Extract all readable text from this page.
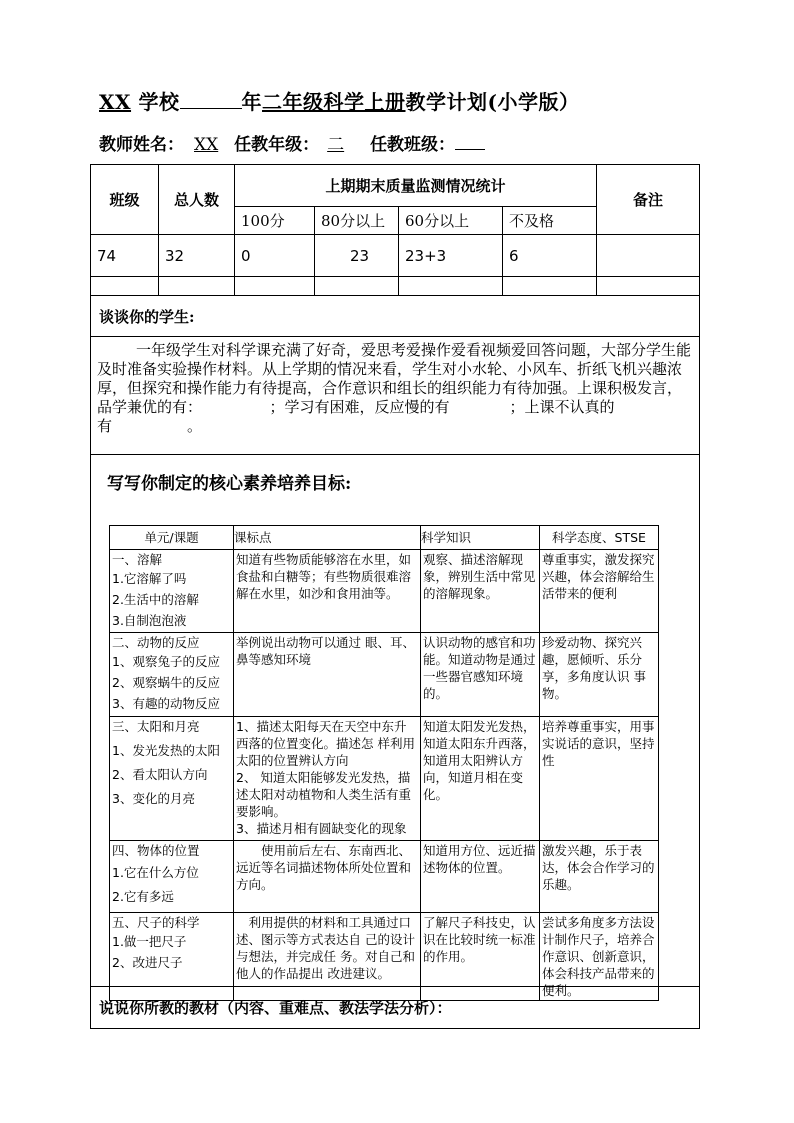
XX 学校	年二年级科学上册教学计划(小学版）
教师姓名： XX 任教年级： 二 任教班级：
班级	总人数	上期期末质量监测情况统计				备注
		100分	80分以上	60分以上	不及格	
74	32	0	23	23+3	6	

谈谈你的学生:						
一年级学生对科学课充满了好奇，爱思考爱操作爱看视频爱回答问题，大部分学生能及时准备实验操作材料。从上学期的情况来看，学生对小水轮、小风车、折纸飞机兴趣浓厚，但探究和操作能力有待提高，合作意识和组长的组织能力有待加强。上课积极发言，品学兼优的有：　　　　　；学习有困难，反应慢的有　　　　；上课不认真的有　　　　　。						

写写你制定的核心素养培养目标:						

说说你所教的教材（内容、重难点、教法学法分析）：						
单元/课题	课标点	科学知识	科学态度、STSE

一、溶解
1.它溶解了吗
2.生活中的溶解
3.自制泡泡液	知道有些物质能够溶在水里，如食盐和白糖等；有些物质很难溶解在水里，如沙和食用油等。	观察、描述溶解现象，辨别生活中常见的溶解现象。	尊重事实，激发探究兴趣，体会溶解给生活带来的便利

二、动物的反应
1、观察兔子的反应
2、观察蜗牛的反应
3、有趣的动物反应	举例说出动物可以通过 眼、耳、鼻等感知环境	认识动物的感官和功能。知道动物是通过一些器官感知环境的。	珍爱动物、探究兴趣，愿倾听、乐分享，多角度认识 事物。

三、太阳和月亮
1、发光发热的太阳
2、看太阳认方向
3、变化的月亮	1、描述太阳每天在天空中东升西落的位置变化。描述怎 样利用太阳的位置辨认方向
2、 知道太阳能够发光发热，描述太阳对动植物和人类生活有重要影响。
3、描述月相有圆缺变化的现象	知道太阳发光发热，知道太阳东升西落，知道用太阳辨认方向，知道月相在变化。	培养尊重事实，用事实说话的意识，坚持性

四、物体的位置
1.它在什么方位
2.它有多远	　　使用前后左右、东南西北、远近等名词描述物体所处位置和方向。	知道用方位、远近描述物体的位置。	激发兴趣，乐于表达，体会合作学习的乐趣。

五、尺子的科学
1.做一把尺子
2、改进尺子	　利用提供的材料和工具通过口述、图示等方式表达自 己的设计与想法，并完成任 务。对自己和他人的作品提出 改进建议。	了解尺子科技史，认识在比较时统一标准的作用。	尝试多角度多方法设计制作尺子，培养合作意识、创新意识，体会科技产品带来的便利。
